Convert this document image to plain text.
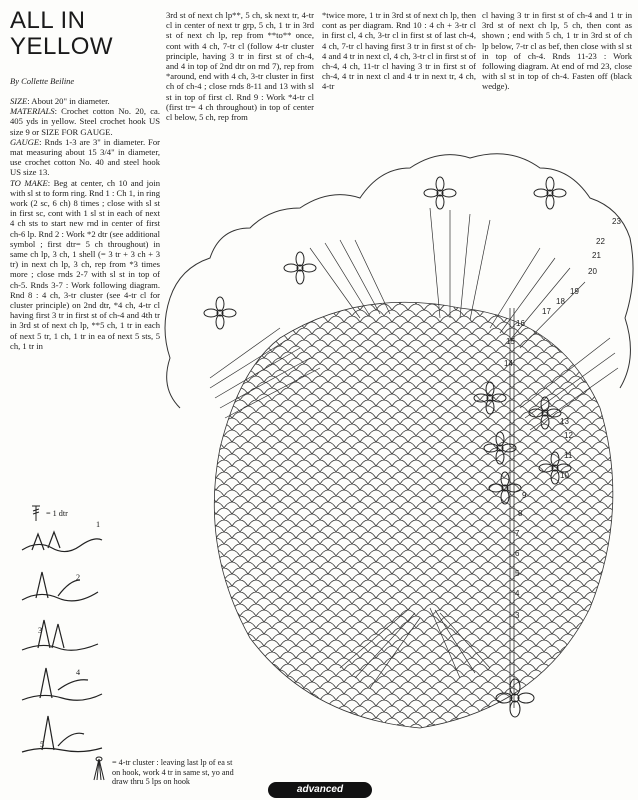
ALL IN
YELLOW
By Collette Beiline
SIZE: About 20" in diameter.
MATERIALS: Crochet cotton No. 20, ca. 405 yds in yellow. Steel crochet hook US size 9 or SIZE FOR GAUGE.
GAUGE: Rnds 1-3 are 3" in diameter. For mat measuring about 15 3/4" in diameter, use crochet cotton No. 40 and steel hook US size 13.
TO MAKE: Beg at center, ch 10 and join with sl st to form ring. Rnd 1 : Ch 1, in ring work (2 sc, 6 ch) 8 times ; close with sl st in first sc, cont with 1 sl st in each of next 4 ch sts to start new rnd in center of first ch-6 lp. Rnd 2 : Work *2 dtr (see additional symbol ; first dtr= 5 ch throughout) in same ch lp, 3 ch, 1 shell (= 3 tr + 3 ch + 3 tr) in next ch lp, 3 ch, rep from *3 times more ; close rnds 2-7 with sl st in top of ch-5. Rnds 3-7 : Work following diagram. Rnd 8 : 4 ch, 3-tr cluster (see 4-tr cl for cluster principle) on 2nd dtr, *4 ch, 4-tr cl having first 3 tr in first st of ch-4 and 4th tr in 3rd st of next ch lp, **5 ch, 1 tr in each of next 5 tr, 1 ch, 1 tr in ea of next 5 sts, 5 ch, 1 tr in
3rd st of next ch lp**, 5 ch, sk next tr, 4-tr cl in center of next tr grp, 5 ch, 1 tr in 3rd st of next ch lp, rep from **to** once, cont with 4 ch, 7-tr cl (follow 4-tr cluster principle, having 3 tr in first st of ch-4, and 4 in top of 2nd dtr on rnd 7), rep from *around, end with 4 ch, 3-tr cluster in first ch of ch-4 ; close rnds 8-11 and 13 with sl st in top of first cl. Rnd 9 : Work *4-tr cl (first tr= 4 ch throughout) in top of center cl below, 5 ch, rep from
*twice more, 1 tr in 3rd st of next ch lp, then cont as per diagram. Rnd 10 : 4 ch + 3-tr cl in first cl, 4 ch, 3-tr cl in first st of last ch-4, 4 ch, 7-tr cl having first 3 tr in first st of ch-4 and 4 tr in next cl, 4 ch, 3-tr cl in first st of ch-4, 4 ch, 11-tr cl having 3 tr in first st of ch-4, 4 tr in next cl and 4 tr in next tr, 4 ch, 4-tr
cl having 3 tr in first st of ch-4 and 1 tr in 3rd st of next ch lp, 5 ch, then cont as shown ; end with 5 ch, 1 tr in 3rd st of ch lp below, 7-tr cl as bef, then close with sl st in top of ch-4. Rnds 11-23 : Work following diagram. At end of rnd 23, close with sl st in top of ch-4. Fasten off (black wedge).
= 1 dtr
1
2
3
4
5
= 4-tr cluster : leaving last lp of ea st on hook, work 4 tr in same st, yo and draw thru 5 lps on hook
3
4
5
6
7
8
9
10
11
12
13
14
15
16
17
18
19
20
21
22
23
advanced
